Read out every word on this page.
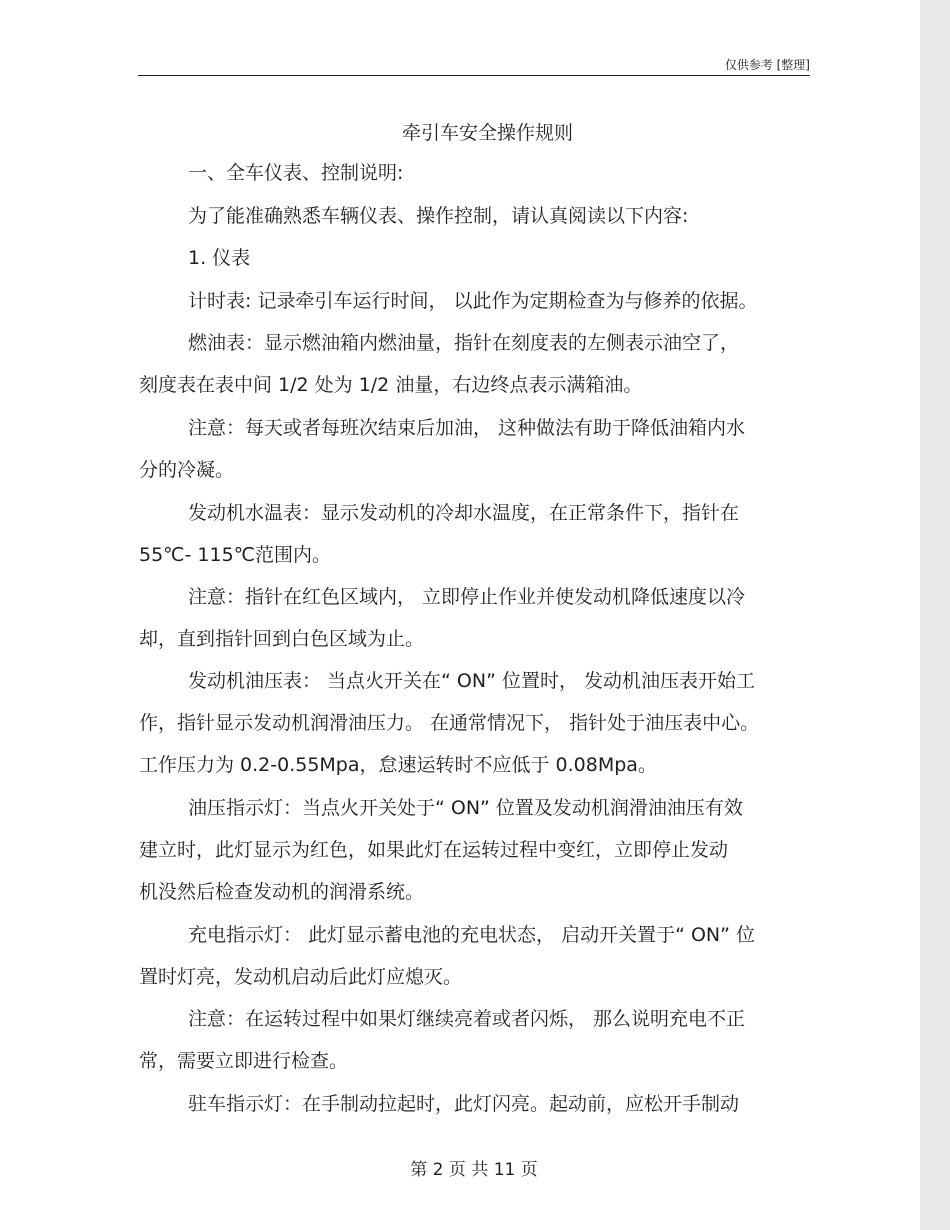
仅供参考 [整理]
牵引车安全操作规则
一、全车仪表、控制说明:
为了能准确熟悉车辆仪表、操作控制，请认真阅读以下内容:
1. 仪表
计时表: 记录牵引车运行时间， 以此作为定期检查为与修养的依据。
燃油表：显示燃油箱内燃油量，指针在刻度表的左侧表示油空了，
刻度表在表中间 1/2 处为 1/2 油量，右边终点表示满箱油。
注意：每天或者每班次结束后加油， 这种做法有助于降低油箱内水
分的冷凝。
发动机水温表：显示发动机的冷却水温度，在正常条件下，指针在
55℃- 115℃范围内。
注意：指针在红色区域内， 立即停止作业并使发动机降低速度以冷
却，直到指针回到白色区域为止。
发动机油压表： 当点火开关在“ ON” 位置时， 发动机油压表开始工
作，指针显示发动机润滑油压力。 在通常情况下， 指针处于油压表中心。
工作压力为 0.2-0.55Mpa，怠速运转时不应低于 0.08Mpa。
油压指示灯：当点火开关处于“ ON” 位置及发动机润滑油油压有效
建立时，此灯显示为红色，如果此灯在运转过程中变红，立即停止发动
机没然后检查发动机的润滑系统。
充电指示灯： 此灯显示蓄电池的充电状态， 启动开关置于“ ON” 位
置时灯亮，发动机启动后此灯应熄灭。
注意：在运转过程中如果灯继续亮着或者闪烁， 那么说明充电不正
常，需要立即进行检查。
驻车指示灯：在手制动拉起时，此灯闪亮。起动前，应松开手制动
第 2 页 共 11 页
